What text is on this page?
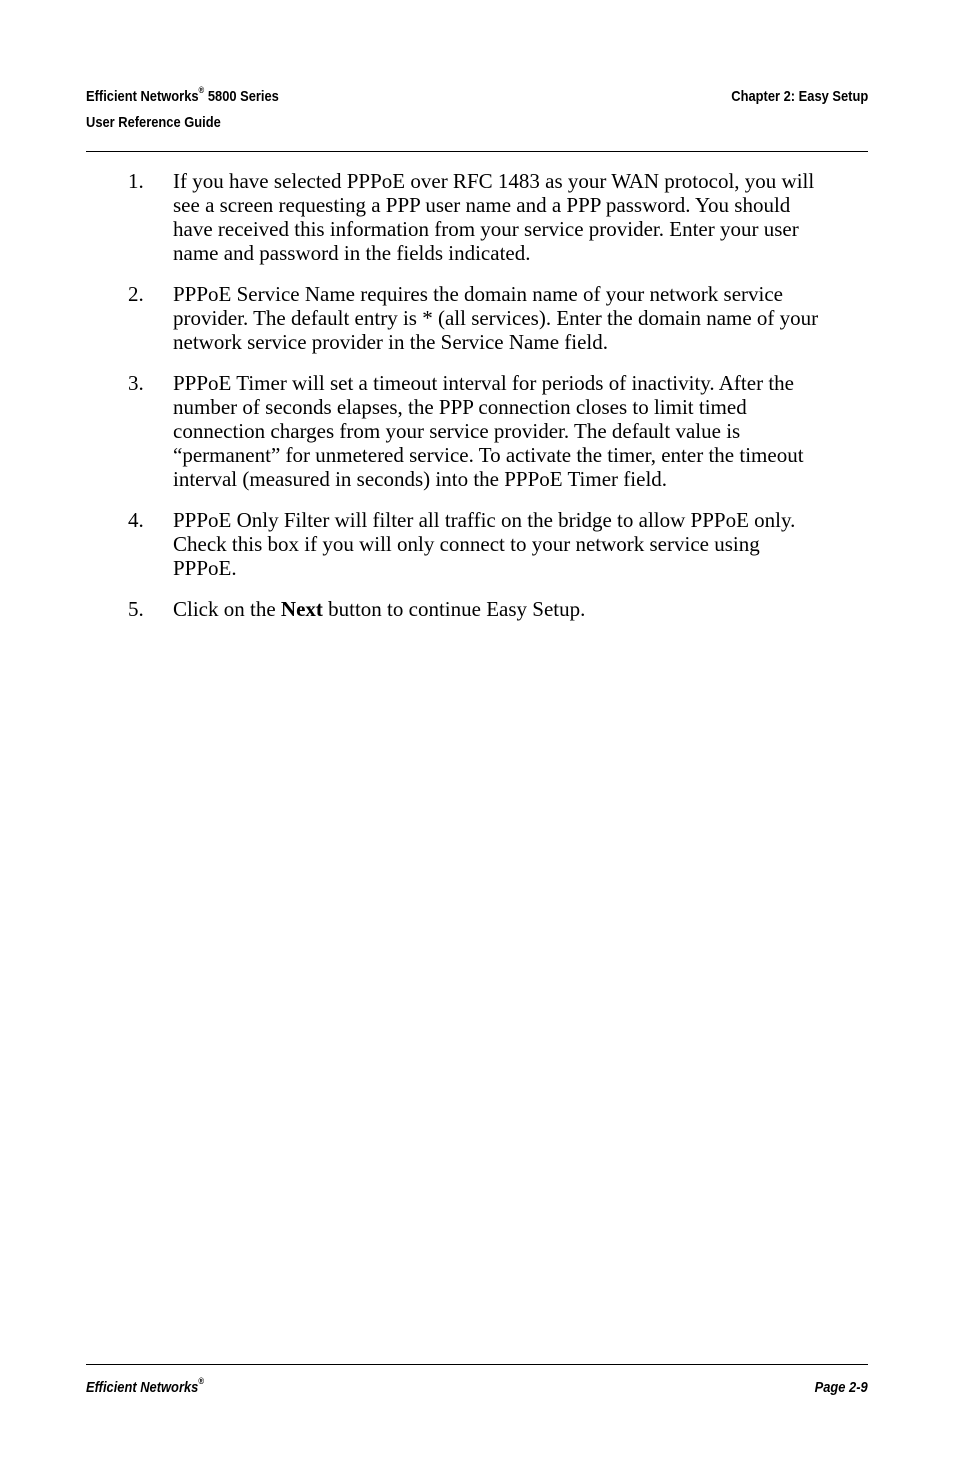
Efficient Networks® 5800 Series
User Reference Guide
Chapter 2: Easy Setup
1. If you have selected PPPoE over RFC 1483 as your WAN protocol, you will see a screen requesting a PPP user name and a PPP password. You should have received this information from your service provider. Enter your user name and password in the fields indicated.
2. PPPoE Service Name requires the domain name of your network service provider. The default entry is * (all services). Enter the domain name of your network service provider in the Service Name field.
3. PPPoE Timer will set a timeout interval for periods of inactivity. After the number of seconds elapses, the PPP connection closes to limit timed connection charges from your service provider. The default value is “permanent” for unmetered service. To activate the timer, enter the timeout interval (measured in seconds) into the PPPoE Timer field.
4. PPPoE Only Filter will filter all traffic on the bridge to allow PPPoE only. Check this box if you will only connect to your network service using PPPoE.
5. Click on the Next button to continue Easy Setup.
Efficient Networks®	Page 2-9
